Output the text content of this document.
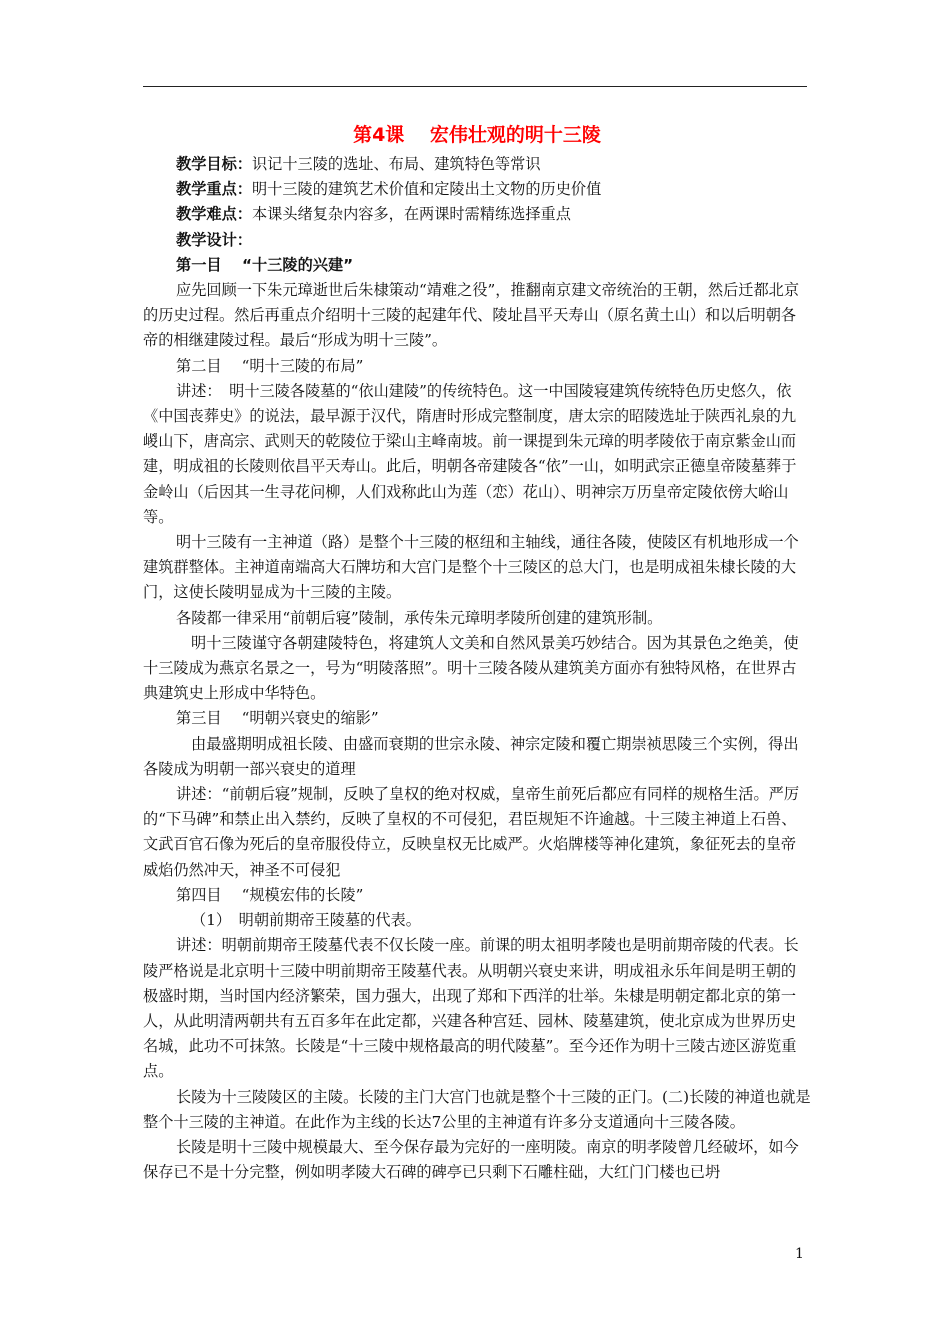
第4课　 宏伟壮观的明十三陵

教学目标：识记十三陵的选址、布局、建筑特色等常识

教学重点：明十三陵的建筑艺术价值和定陵出土文物的历史价值

教学难点：本课头绪复杂内容多，在两课时需精练选择重点

教学设计：

第一目　 “十三陵的兴建”

应先回顾一下朱元璋逝世后朱棣策动“靖难之役”，推翻南京建文帝统治的王朝，然后迁都北京的历史过程。然后再重点介绍明十三陵的起建年代、陵址昌平天寿山（原名黄土山）和以后明朝各帝的相继建陵过程。最后“形成为明十三陵”。

第二目　 “明十三陵的布局”

讲述：　明十三陵各陵墓的“依山建陵”的传统特色。这一中国陵寝建筑传统特色历史悠久，依《中国丧葬史》的说法，最早源于汉代，隋唐时形成完整制度，唐太宗的昭陵选址于陕西礼泉的九嵕山下，唐高宗、武则天的乾陵位于梁山主峰南坡。前一课提到朱元璋的明孝陵依于南京紫金山而建，明成祖的长陵则依昌平天寿山。此后，明朝各帝建陵各“依”一山，如明武宗正德皇帝陵墓葬于金岭山（后因其一生寻花问柳，人们戏称此山为莲（恋）花山）、明神宗万历皇帝定陵依傍大峪山等。

明十三陵有一主神道（路）是整个十三陵的枢纽和主轴线，通往各陵，使陵区有机地形成一个建筑群整体。主神道南端高大石牌坊和大宫门是整个十三陵区的总大门，也是明成祖朱棣长陵的大门，这使长陵明显成为十三陵的主陵。

各陵都一律采用“前朝后寝”陵制，承传朱元璋明孝陵所创建的建筑形制。

明十三陵谨守各朝建陵特色，将建筑人文美和自然风景美巧妙结合。因为其景色之绝美，使十三陵成为燕京名景之一，号为“明陵落照”。明十三陵各陵从建筑美方面亦有独特风格，在世界古典建筑史上形成中华特色。

第三目　 “明朝兴衰史的缩影”

由最盛期明成祖长陵、由盛而衰期的世宗永陵、神宗定陵和覆亡期崇祯思陵三个实例，得出各陵成为明朝一部兴衰史的道理

讲述：“前朝后寝”规制，反映了皇权的绝对权威，皇帝生前死后都应有同样的规格生活。严厉的“下马碑”和禁止出入禁约，反映了皇权的不可侵犯，君臣规矩不许逾越。十三陵主神道上石兽、文武百官石像为死后的皇帝服役侍立，反映皇权无比威严。火焰牌楼等神化建筑，象征死去的皇帝威焰仍然冲天，神圣不可侵犯

第四目　 “规模宏伟的长陵”

（1）　明朝前期帝王陵墓的代表。

讲述：明朝前期帝王陵墓代表不仅长陵一座。前课的明太祖明孝陵也是明前期帝陵的代表。长陵严格说是北京明十三陵中明前期帝王陵墓代表。从明朝兴衰史来讲，明成祖永乐年间是明王朝的极盛时期，当时国内经济繁荣，国力强大，出现了郑和下西洋的壮举。朱棣是明朝定都北京的第一人，从此明清两朝共有五百多年在此定都，兴建各种宫廷、园林、陵墓建筑，使北京成为世界历史名城，此功不可抹煞。长陵是“十三陵中规格最高的明代陵墓”。至今还作为明十三陵古迹区游览重点。

长陵为十三陵陵区的主陵。长陵的主门大宫门也就是整个十三陵的正门。(二)长陵的神道也就是整个十三陵的主神道。在此作为主线的长达7公里的主神道有许多分支道通向十三陵各陵。

长陵是明十三陵中规模最大、至今保存最为完好的一座明陵。南京的明孝陵曾几经破坏，如今保存已不是十分完整，例如明孝陵大石碑的碑亭已只剩下石雕柱础，大红门门楼也已坍

1
